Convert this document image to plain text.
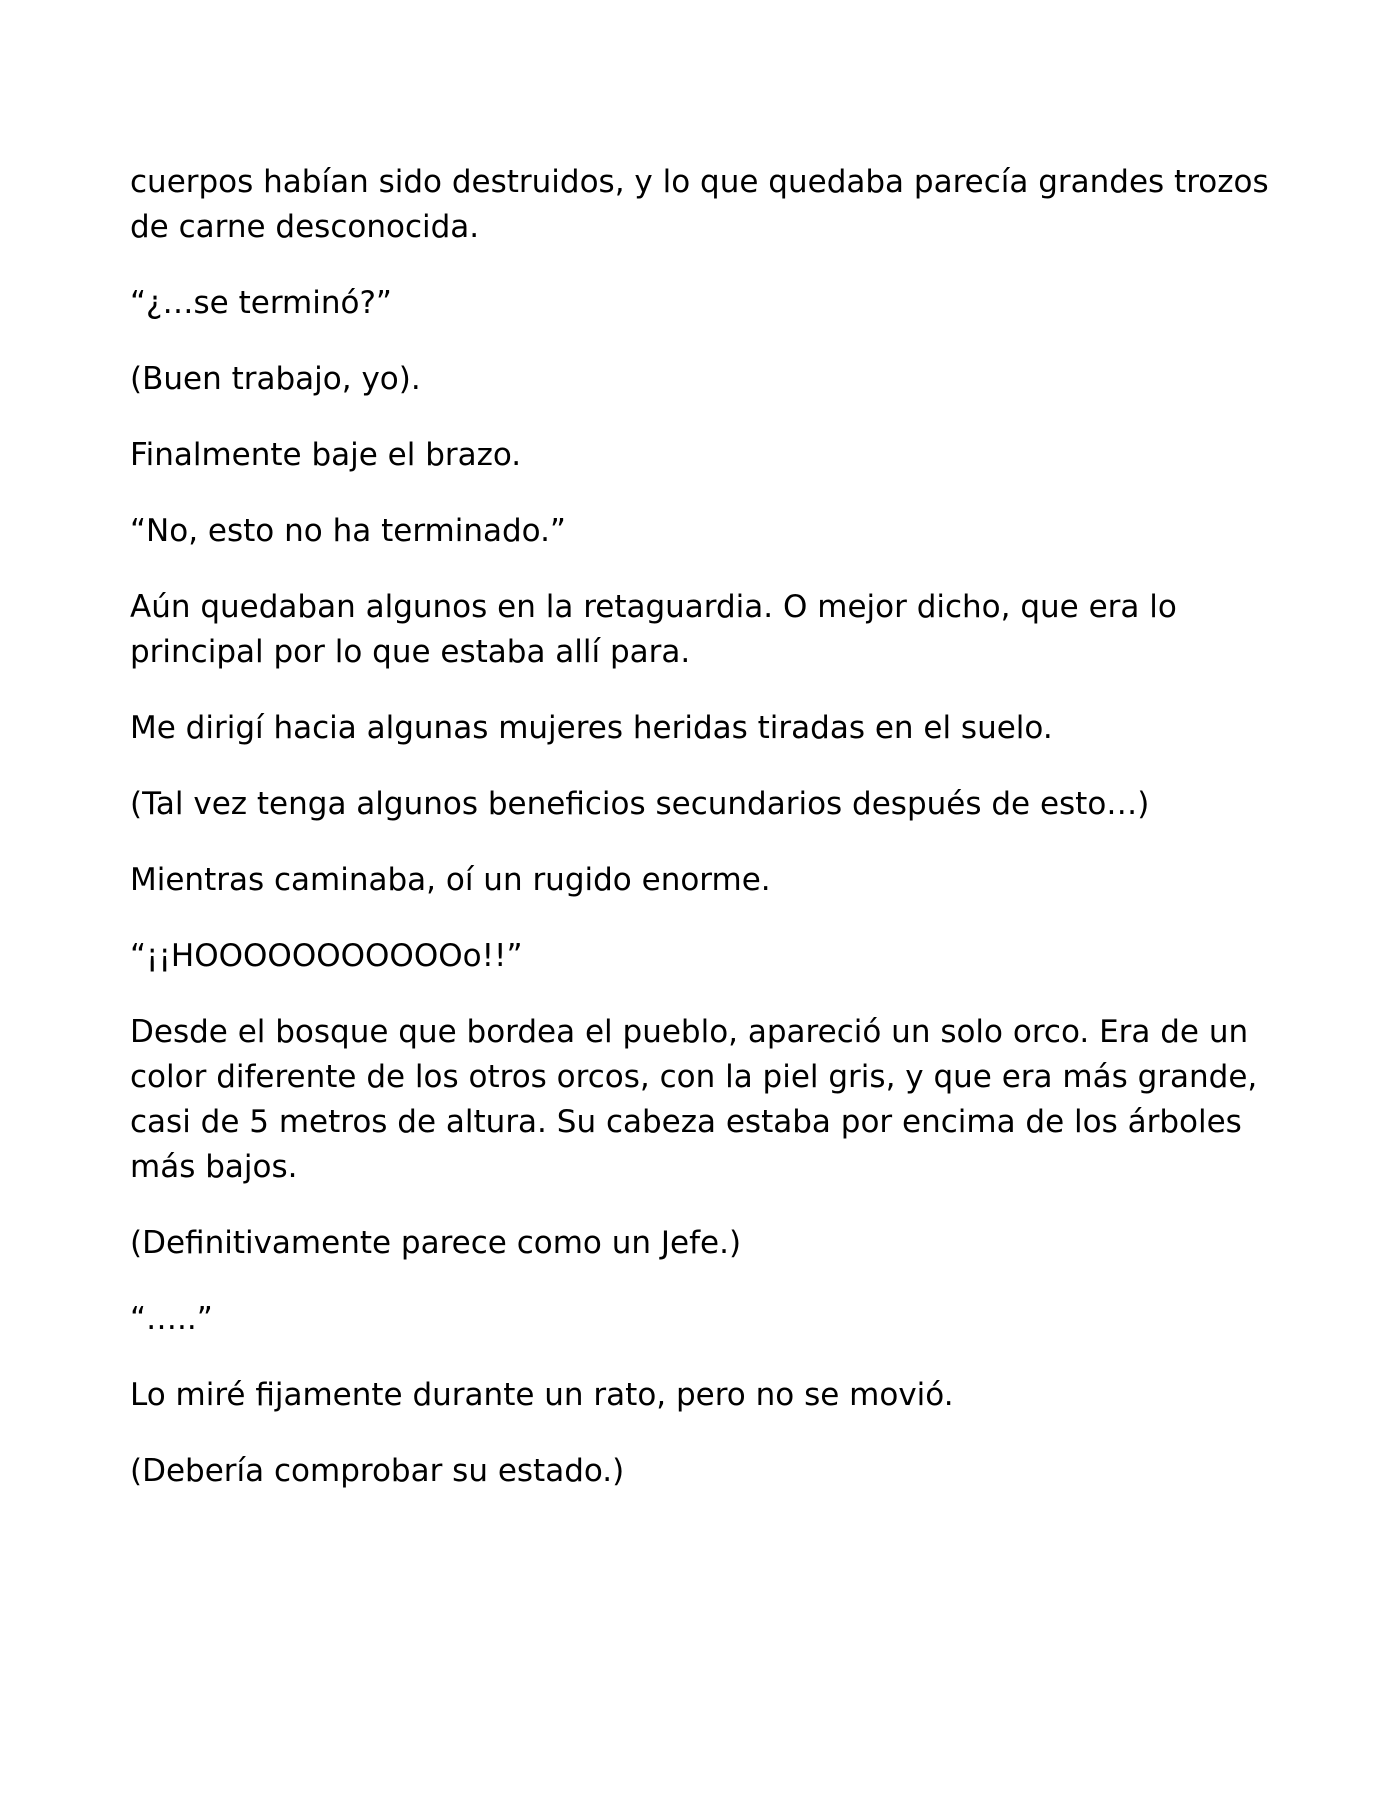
cuerpos habían sido destruidos, y lo que quedaba parecía grandes trozos de carne desconocida.

“¿…se terminó?”

(Buen trabajo, yo).

Finalmente baje el brazo.

“No, esto no ha terminado.”

Aún quedaban algunos en la retaguardia. O mejor dicho, que era lo principal por lo que estaba allí para.

Me dirigí hacia algunas mujeres heridas tiradas en el suelo.

(Tal vez tenga algunos beneficios secundarios después de esto…)

Mientras caminaba, oí un rugido enorme.

“¡¡HOOOOOOOOOOOo!!”

Desde el bosque que bordea el pueblo, apareció un solo orco. Era de un color diferente de los otros orcos, con la piel gris, y que era más grande, casi de 5 metros de altura. Su cabeza estaba por encima de los árboles más bajos.

(Definitivamente parece como un Jefe.)

“…..”

Lo miré fijamente durante un rato, pero no se movió.

(Debería comprobar su estado.)
